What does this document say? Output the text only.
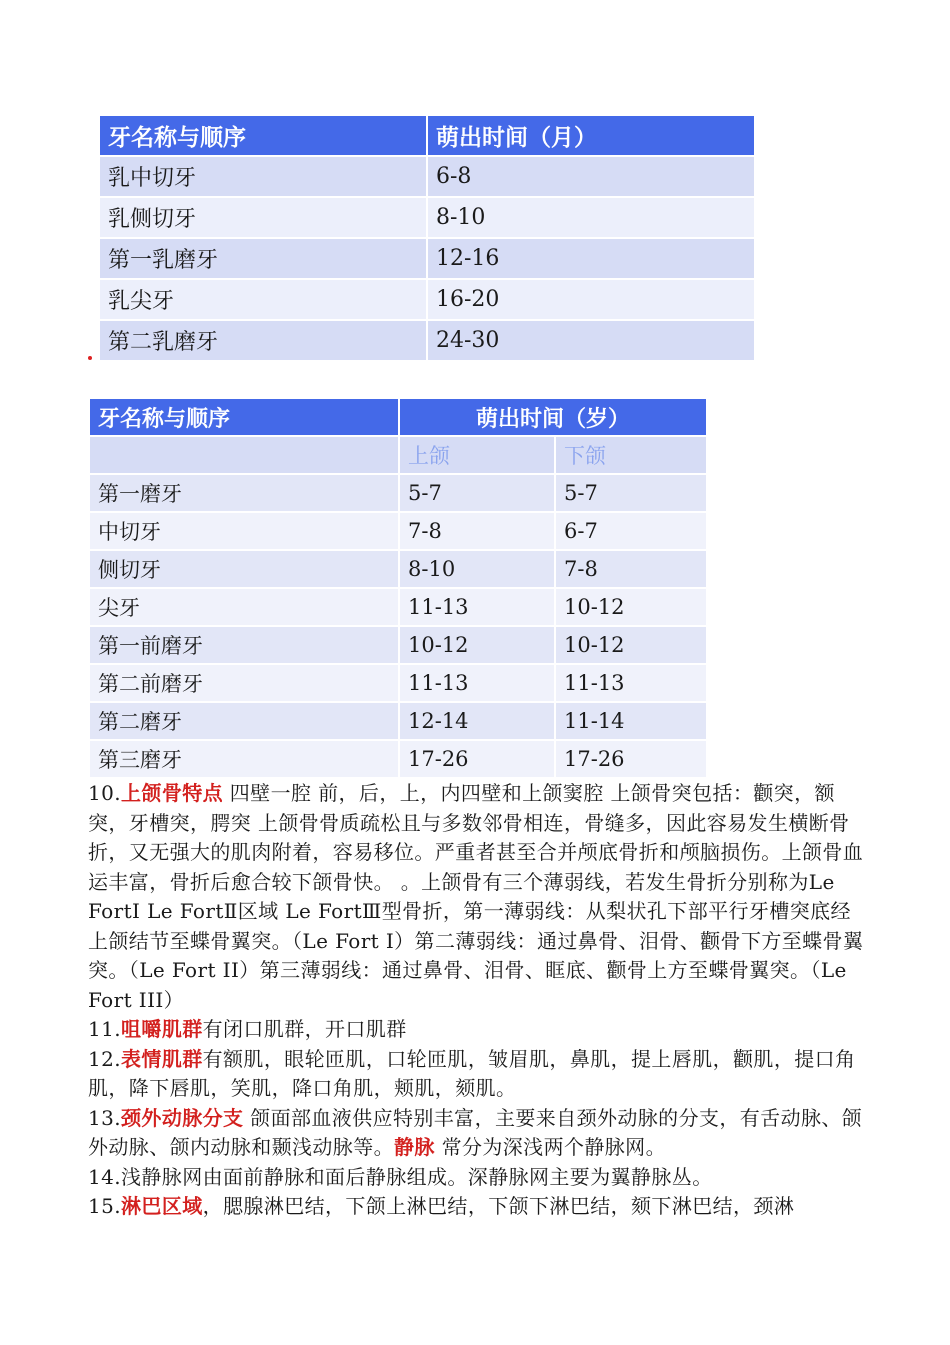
牙名称与顺序	萌出时间（月）
乳中切牙	6-8
乳侧切牙	8-10
第一乳磨牙	12-16
乳尖牙	16-20
第二乳磨牙	24-30
牙名称与顺序	萌出时间（岁）	
	上颌	下颌
第一磨牙	5-7	5-7
中切牙	7-8	6-7
侧切牙	8-10	7-8
尖牙	11-13	10-12
第一前磨牙	10-12	10-12
第二前磨牙	11-13	11-13
第二磨牙	12-14	11-14
第三磨牙	17-26	17-26

10.上颌骨特点 四壁一腔 前，后，上，内四壁和上颌窦腔 上颌骨突包括：颧突，额突，牙槽突，腭突 上颌骨骨质疏松且与多数邻骨相连，骨缝多，因此容易发生横断骨折，又无强大的肌肉附着，容易移位。严重者甚至合并颅底骨折和颅脑损伤。上颌骨血运丰富，骨折后愈合较下颌骨快。 。上颌骨有三个薄弱线，若发生骨折分别称为Le FortⅠ Le FortⅡ区域 Le FortⅢ型骨折，第一薄弱线：从梨状孔下部平行牙槽突底经上颌结节至蝶骨翼突。（Le Fort I）第二薄弱线：通过鼻骨、泪骨、颧骨下方至蝶骨翼突。（Le Fort II）第三薄弱线：通过鼻骨、泪骨、眶底、颧骨上方至蝶骨翼突。（Le Fort III）

11.咀嚼肌群有闭口肌群，开口肌群

12.表情肌群有额肌，眼轮匝肌，口轮匝肌，皱眉肌，鼻肌，提上唇肌，颧肌，提口角肌，降下唇肌，笑肌，降口角肌，颊肌，颏肌。

13.颈外动脉分支 颌面部血液供应特别丰富，主要来自颈外动脉的分支，有舌动脉、颌外动脉、颌内动脉和颞浅动脉等。静脉 常分为深浅两个静脉网。

14.浅静脉网由面前静脉和面后静脉组成。深静脉网主要为翼静脉丛。

15.淋巴区域，腮腺淋巴结，下颌上淋巴结，下颌下淋巴结，颏下淋巴结，颈淋
